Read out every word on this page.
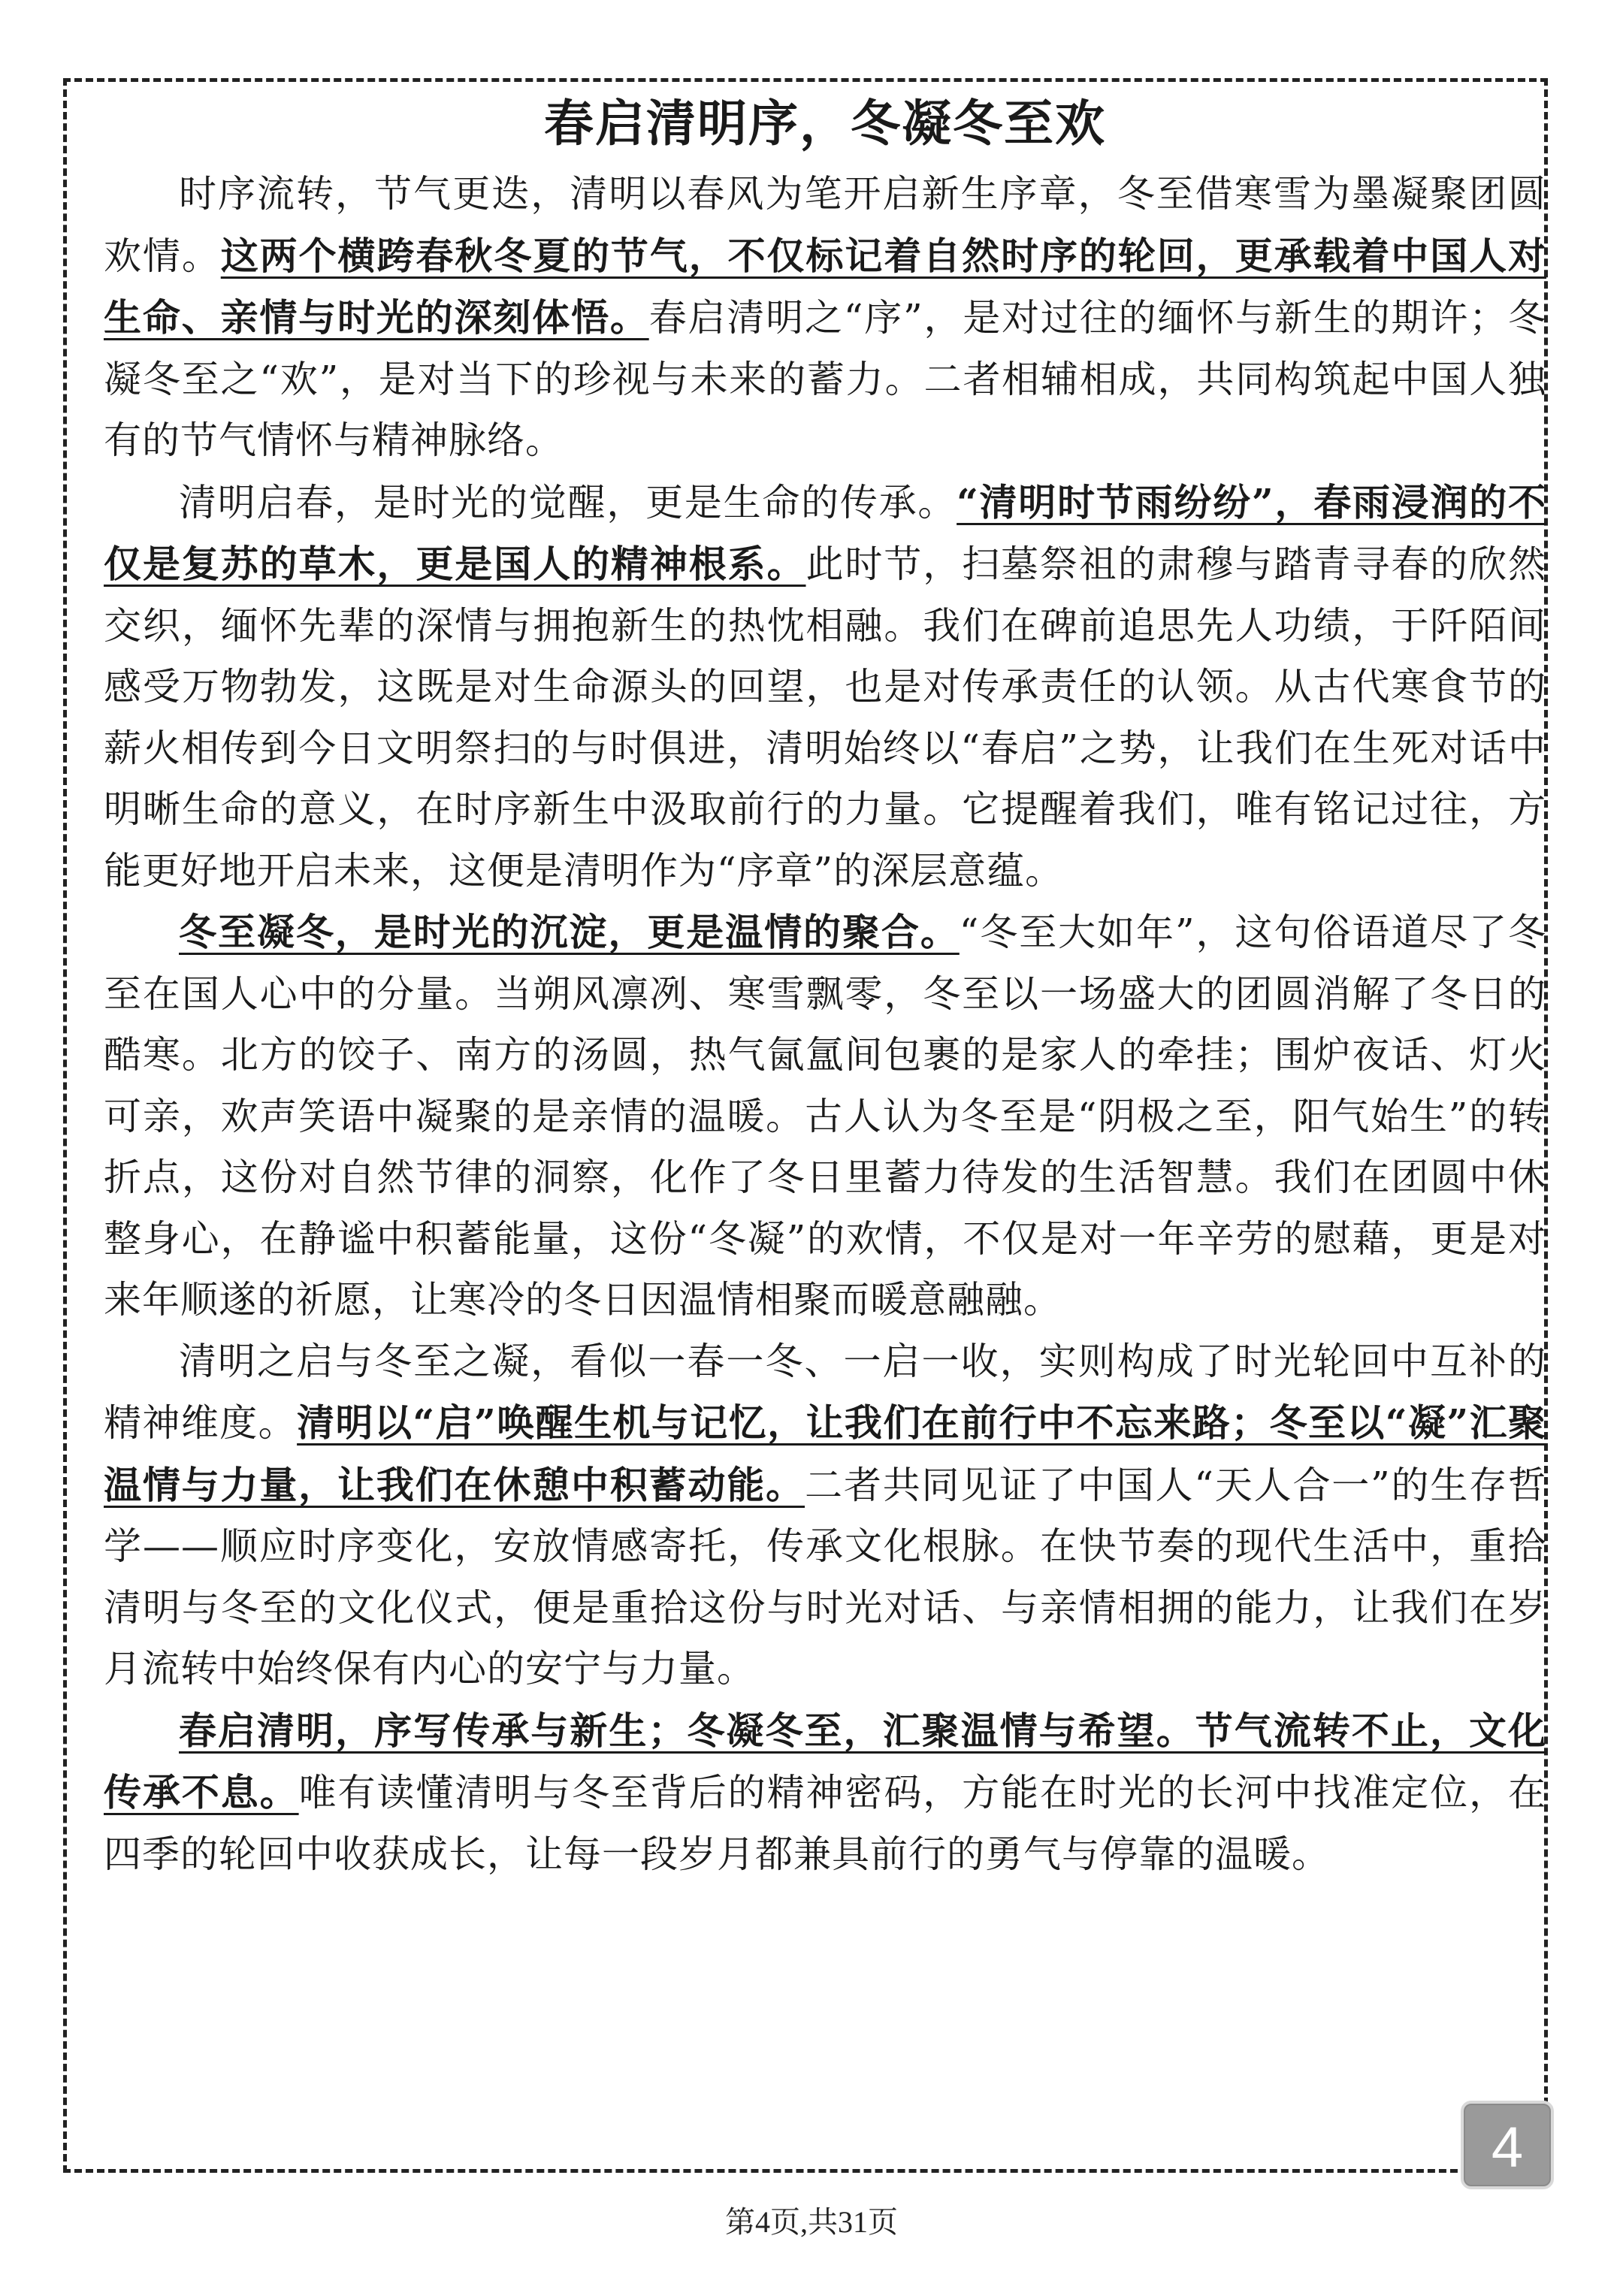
春启清明序，冬凝冬至欢

时序流转，节气更迭，清明以春风为笔开启新生序章，冬至借寒雪为墨凝聚团圆欢情。这两个横跨春秋冬夏的节气，不仅标记着自然时序的轮回，更承载着中国人对生命、亲情与时光的深刻体悟。春启清明之“序”，是对过往的缅怀与新生的期许；冬凝冬至之“欢”，是对当下的珍视与未来的蓄力。二者相辅相成，共同构筑起中国人独有的节气情怀与精神脉络。

清明启春，是时光的觉醒，更是生命的传承。“清明时节雨纷纷”，春雨浸润的不仅是复苏的草木，更是国人的精神根系。此时节，扫墓祭祖的肃穆与踏青寻春的欣然交织，缅怀先辈的深情与拥抱新生的热忱相融。我们在碑前追思先人功绩，于阡陌间感受万物勃发，这既是对生命源头的回望，也是对传承责任的认领。从古代寒食节的薪火相传到今日文明祭扫的与时俱进，清明始终以“春启”之势，让我们在生死对话中明晰生命的意义，在时序新生中汲取前行的力量。它提醒着我们，唯有铭记过往，方能更好地开启未来，这便是清明作为“序章”的深层意蕴。

冬至凝冬，是时光的沉淀，更是温情的聚合。“冬至大如年”，这句俗语道尽了冬至在国人心中的分量。当朔风凛冽、寒雪飘零，冬至以一场盛大的团圆消解了冬日的酷寒。北方的饺子、南方的汤圆，热气氤氲间包裹的是家人的牵挂；围炉夜话、灯火可亲，欢声笑语中凝聚的是亲情的温暖。古人认为冬至是“阴极之至，阳气始生”的转折点，这份对自然节律的洞察，化作了冬日里蓄力待发的生活智慧。我们在团圆中休整身心，在静谧中积蓄能量，这份“冬凝”的欢情，不仅是对一年辛劳的慰藉，更是对来年顺遂的祈愿，让寒冷的冬日因温情相聚而暖意融融。

清明之启与冬至之凝，看似一春一冬、一启一收，实则构成了时光轮回中互补的精神维度。清明以“启”唤醒生机与记忆，让我们在前行中不忘来路；冬至以“凝”汇聚温情与力量，让我们在休憩中积蓄动能。二者共同见证了中国人“天人合一”的生存哲学——顺应时序变化，安放情感寄托，传承文化根脉。在快节奏的现代生活中，重拾清明与冬至的文化仪式，便是重拾这份与时光对话、与亲情相拥的能力，让我们在岁月流转中始终保有内心的安宁与力量。

春启清明，序写传承与新生；冬凝冬至，汇聚温情与希望。节气流转不止，文化传承不息。唯有读懂清明与冬至背后的精神密码，方能在时光的长河中找准定位，在四季的轮回中收获成长，让每一段岁月都兼具前行的勇气与停靠的温暖。

4
第4页,共31页
